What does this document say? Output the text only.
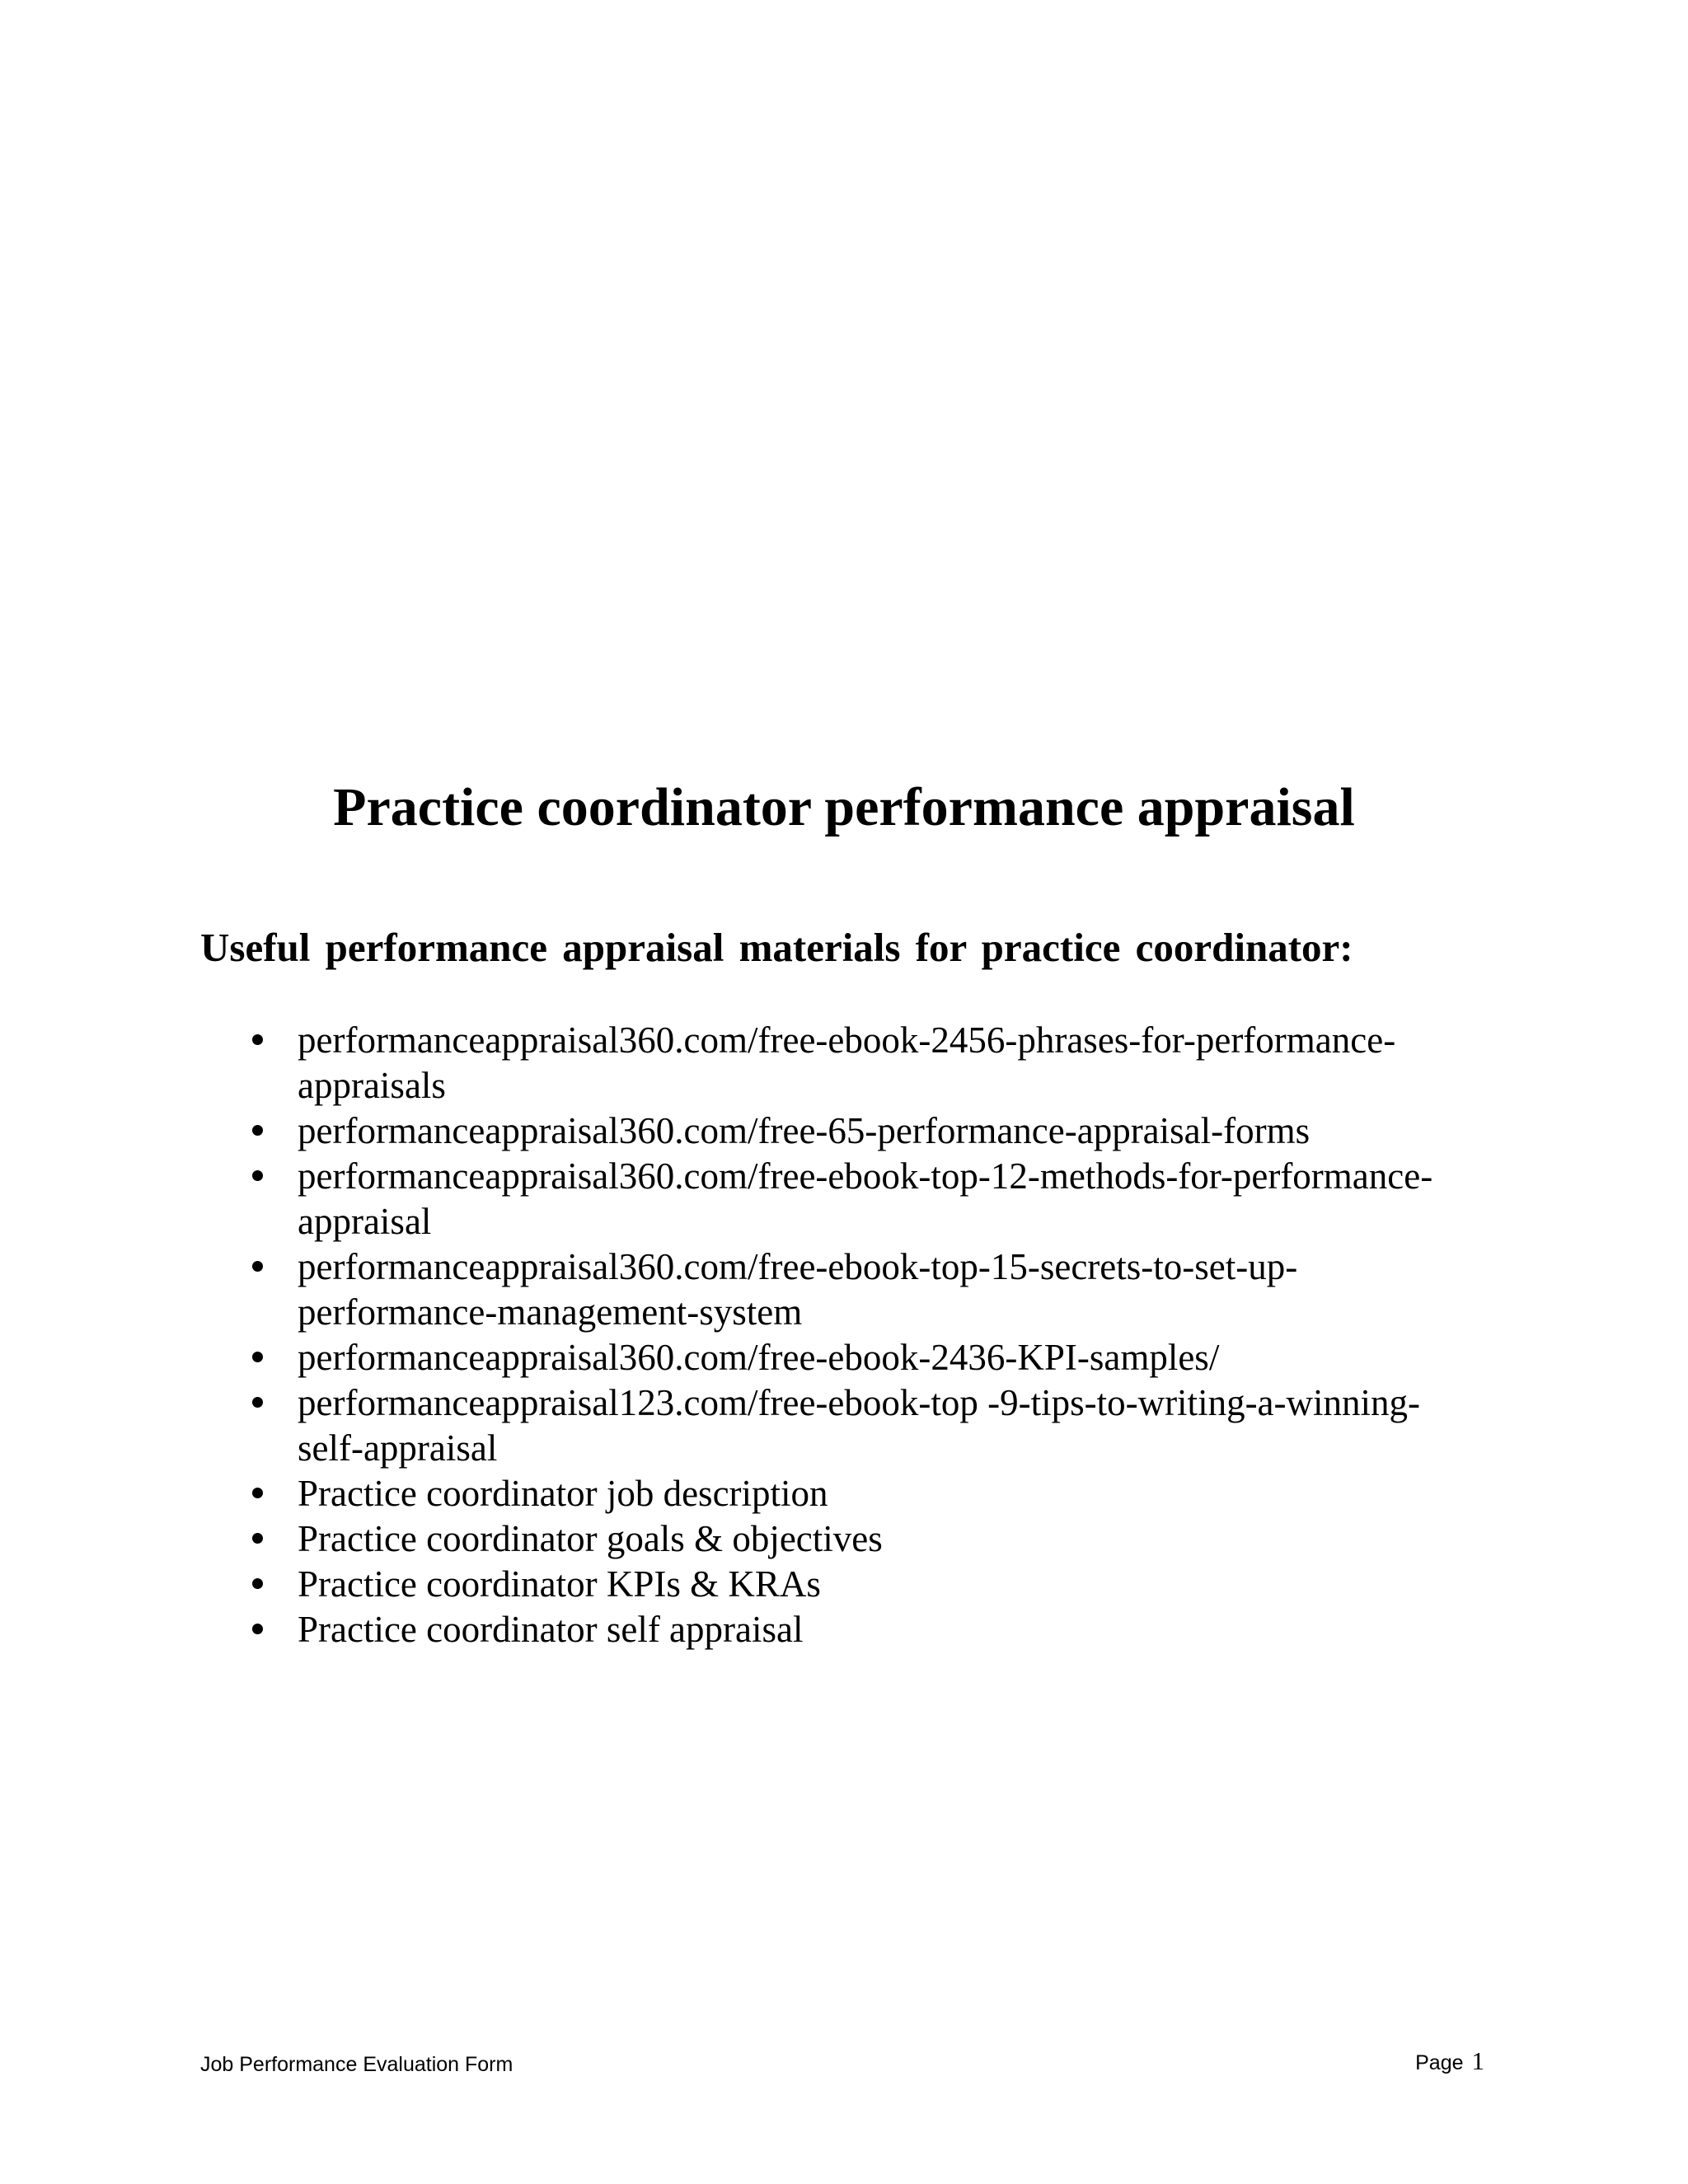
Practice coordinator performance appraisal
Useful performance appraisal materials for practice coordinator:
performanceappraisal360.com/free-ebook-2456-phrases-for-performance-
appraisals
performanceappraisal360.com/free-65-performance-appraisal-forms
performanceappraisal360.com/free-ebook-top-12-methods-for-performance-
appraisal
performanceappraisal360.com/free-ebook-top-15-secrets-to-set-up-
performance-management-system
performanceappraisal360.com/free-ebook-2436-KPI-samples/
performanceappraisal123.com/free-ebook-top -9-tips-to-writing-a-winning-
self-appraisal
Practice coordinator job description
Practice coordinator goals & objectives
Practice coordinator KPIs & KRAs
Practice coordinator self appraisal
Job Performance Evaluation Form	Page 1
